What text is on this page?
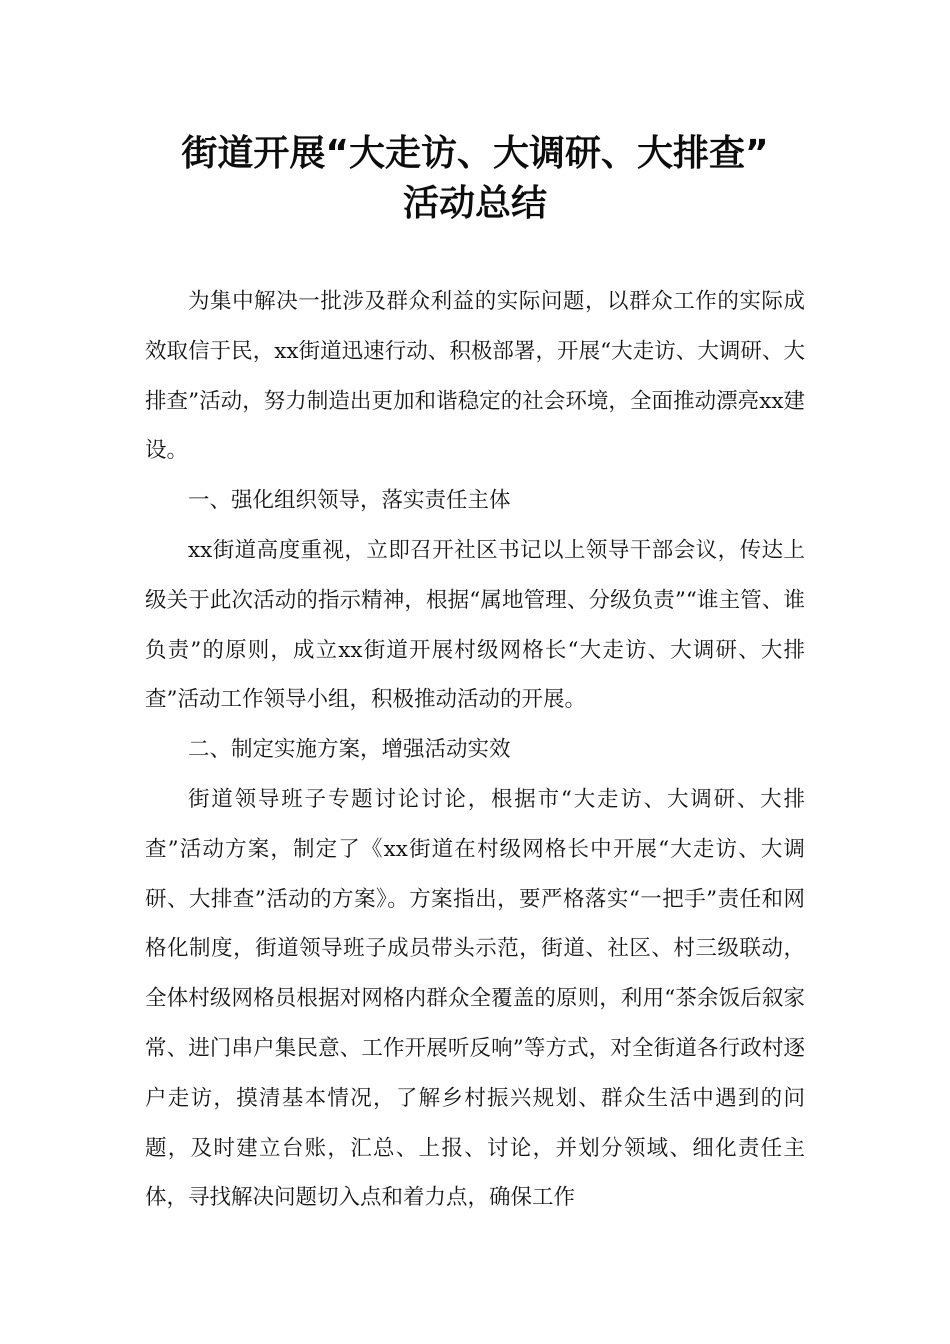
街道开展“大走访、大调研、大排查”
活动总结

为集中解决一批涉及群众利益的实际问题，以群众工作的实际成效取信于民，xx街道迅速行动、积极部署，开展“大走访、大调研、大排查”活动，努力制造出更加和谐稳定的社会环境，全面推动漂亮xx建设。

一、强化组织领导，落实责任主体

xx街道高度重视，立即召开社区书记以上领导干部会议，传达上级关于此次活动的指示精神，根据“属地管理、分级负责”“谁主管、谁负责”的原则，成立xx街道开展村级网格长“大走访、大调研、大排查”活动工作领导小组，积极推动活动的开展。

二、制定实施方案，增强活动实效

街道领导班子专题讨论讨论，根据市“大走访、大调研、大排查”活动方案，制定了《xx街道在村级网格长中开展“大走访、大调研、大排查”活动的方案》。方案指出，要严格落实“一把手”责任和网格化制度，街道领导班子成员带头示范，街道、社区、村三级联动，全体村级网格员根据对网格内群众全覆盖的原则，利用“茶余饭后叙家常、进门串户集民意、工作开展听反响”等方式，对全街道各行政村逐户走访，摸清基本情况，了解乡村振兴规划、群众生活中遇到的问题，及时建立台账，汇总、上报、讨论，并划分领域、细化责任主体，寻找解决问题切入点和着力点，确保工作
